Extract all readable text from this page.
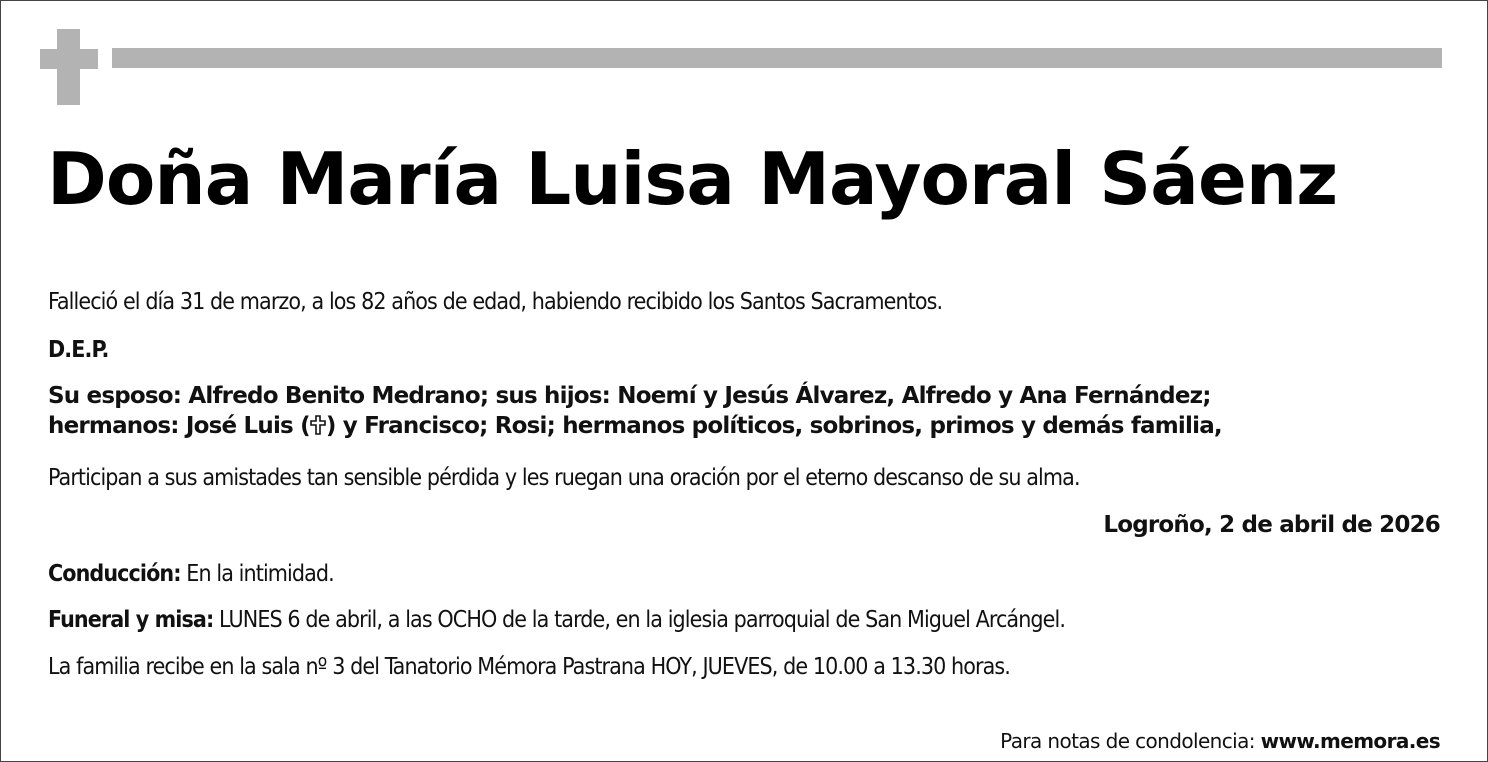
Doña María Luisa Mayoral Sáenz
Falleció el día 31 de marzo, a los 82 años de edad, habiendo recibido los Santos Sacramentos.
D.E.P.
Su esposo: Alfredo Benito Medrano; sus hijos: Noemí y Jesús Álvarez, Alfredo y Ana Fernández;
hermanos: José Luis ( ) y Francisco; Rosi; hermanos políticos, sobrinos, primos y demás familia,
Participan a sus amistades tan sensible pérdida y les ruegan una oración por el eterno descanso de su alma.
Logroño, 2 de abril de 2026
Conducción: En la intimidad.
Funeral y misa: LUNES 6 de abril, a las OCHO de la tarde, en la iglesia parroquial de San Miguel Arcángel.
La familia recibe en la sala nº 3 del Tanatorio Mémora Pastrana HOY, JUEVES, de 10.00 a 13.30 horas.
Para notas de condolencia: www.memora.es
